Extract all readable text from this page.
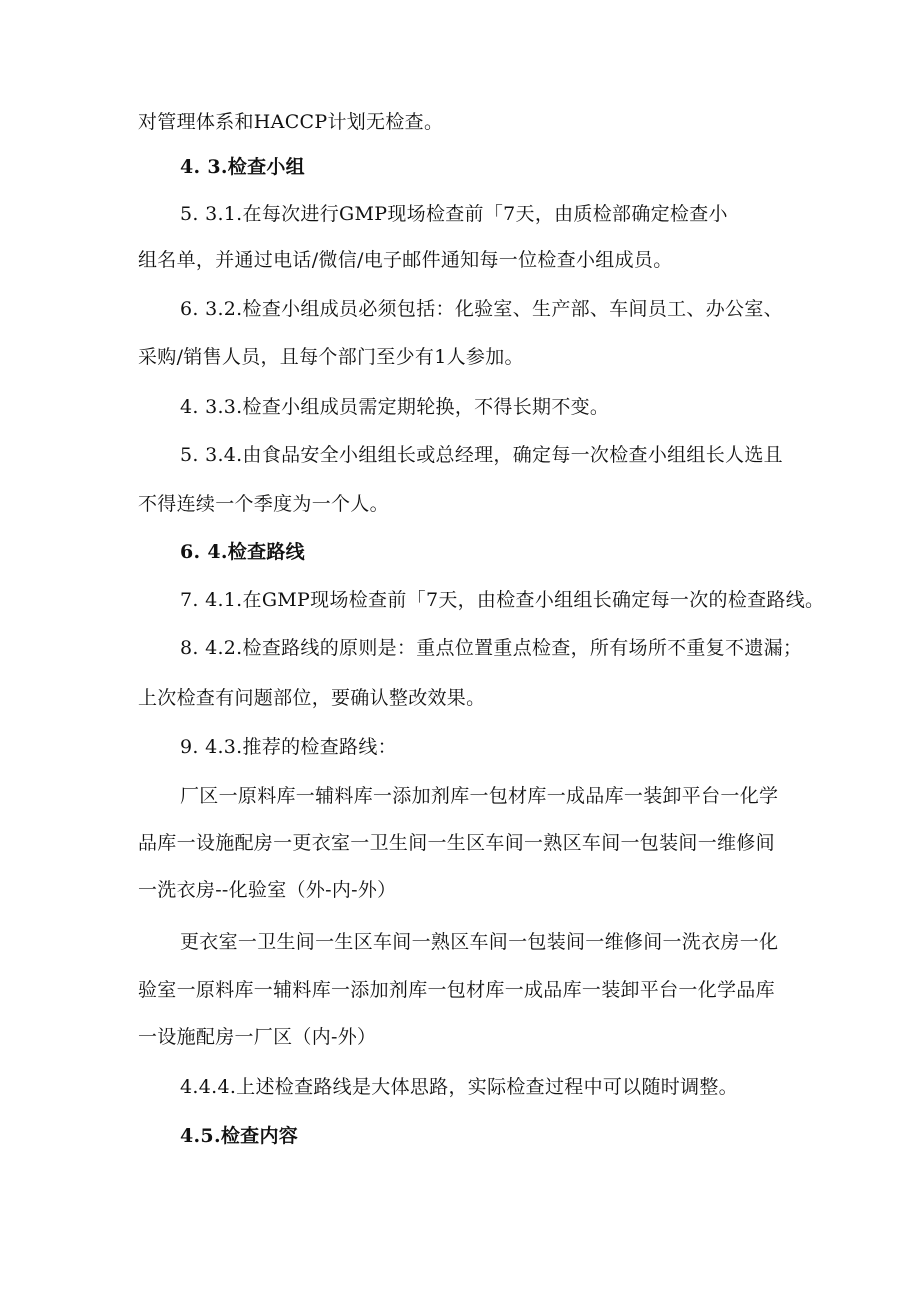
对管理体系和HACCP计划无检查。
4. 3.检查小组
5. 3.1.在每次进行GMP现场检查前「7天，由质检部确定检查小
组名单，并通过电话/微信/电子邮件通知每一位检查小组成员。
6. 3.2.检查小组成员必须包括：化验室、生产部、车间员工、办公室、
采购/销售人员，且每个部门至少有1人参加。
4. 3.3.检查小组成员需定期轮换，不得长期不变。
5. 3.4.由食品安全小组组长或总经理，确定每一次检查小组组长人选且
不得连续一个季度为一个人。
6. 4.检查路线
7. 4.1.在GMP现场检查前「7天，由检查小组组长确定每一次的检查路线。
8. 4.2.检查路线的原则是：重点位置重点检查，所有场所不重复不遗漏；
上次检查有问题部位，要确认整改效果。
9. 4.3.推荐的检查路线：
厂区一原料库一辅料库一添加剂库一包材库一成品库一装卸平台一化学
品库一设施配房一更衣室一卫生间一生区车间一熟区车间一包装间一维修间
一洗衣房--化验室（外-内-外）
更衣室一卫生间一生区车间一熟区车间一包装间一维修间一洗衣房一化
验室一原料库一辅料库一添加剂库一包材库一成品库一装卸平台一化学品库
一设施配房一厂区（内-外）
4.4.4.上述检查路线是大体思路，实际检查过程中可以随时调整。
4.5.检查内容
